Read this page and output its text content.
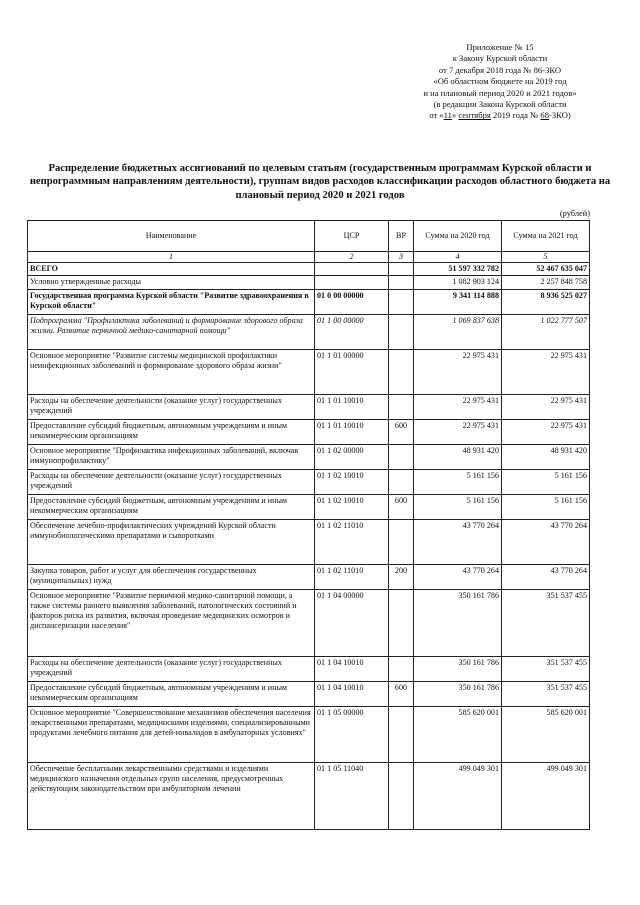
Приложение № 15
к Закону Курской области
от 7 декабря 2018 года № 86-ЗКО
«Об областном бюджете на 2019 год
и на плановый период 2020 и 2021 годов»
(в редакции Закона Курской области
от «11» сентября 2019 года № 68-ЗКО)
Распределение бюджетных ассигнований по целевым статьям (государственным программам Курской области и непрограммным направлениям деятельности), группам видов расходов классификации расходов областного бюджета на плановый период 2020 и 2021 годов
(рублей)
Наименование	ЦСР	ВР	Сумма на 2020 год	Сумма на 2021 год
1	2	3	4	5
ВСЕГО			51 597 332 782	52 467 635 047
Условно утвержденные расходы			1 082 903 124	2 257 848 758
Государственная программа Курской области "Развитие здравоохранения в Курской области"	01 0 00 00000		9 341 114 888	8 936 525 027
Подпрограмма "Профилактика заболеваний и формирование здорового образа жизни. Развитие первичной медико-санитарной помощи"	01 1 00 00000		1 069 837 638	1 022 777 507
Основное мероприятие "Развитие системы медицинской профилактики неинфекционных заболеваний и формирование здорового образа жизни"	01 1 01 00000		22 975 431	22 975 431
Расходы на обеспечение деятельности (оказание услуг) государственных учреждений	01 1 01 10010		22 975 431	22 975 431
Предоставление субсидий бюджетным, автономным учреждениям и иным некоммерческим организациям	01 1 01 10010	600	22 975 431	22 975 431
Основное мероприятие "Профилактика инфекционных заболеваний, включая иммунопрофилактику"	01 1 02 00000		48 931 420	48 931 420
Расходы на обеспечение деятельности (оказание услуг) государственных учреждений	01 1 02 10010		5 161 156	5 161 156
Предоставление субсидий бюджетным, автономным учреждениям и иным некоммерческим организациям	01 1 02 10010	600	5 161 156	5 161 156
Обеспечение лечебно-профилактических учреждений Курской области иммунобиологическими препаратами и сыворотками	01 1 02 11010		43 770 264	43 770 264
Закупка товаров, работ и услуг для обеспечения государственных (муниципальных) нужд	01 1 02 11010	200	43 770 264	43 770 264
Основное мероприятие "Развитие первичной медико-санитарной помощи, а также системы раннего выявления заболеваний, патологических состояний и факторов риска их развития, включая проведение медицинских осмотров и диспансеризации населения"	01 1 04 00000		350 161 786	351 537 455
Расходы на обеспечение деятельности (оказание услуг) государственных учреждений	01 1 04 10010		350 161 786	351 537 455
Предоставление субсидий бюджетным, автономным учреждениям и иным некоммерческим организациям	01 1 04 10010	600	350 161 786	351 537 455
Основное мероприятие "Совершенствование механизмов обеспечения населения лекарственными препаратами, медицинскими изделиями, специализированными продуктами лечебного питания для детей-инвалидов в амбулаторных условиях"	01 1 05 00000		585 620 001	585 620 001
Обеспечение бесплатными лекарственными средствами и изделиями медицинского назначения отдельных групп населения, предусмотренных действующим законодательством при амбулаторном лечении	01 1 05 11040		499 049 301	499 049 301
